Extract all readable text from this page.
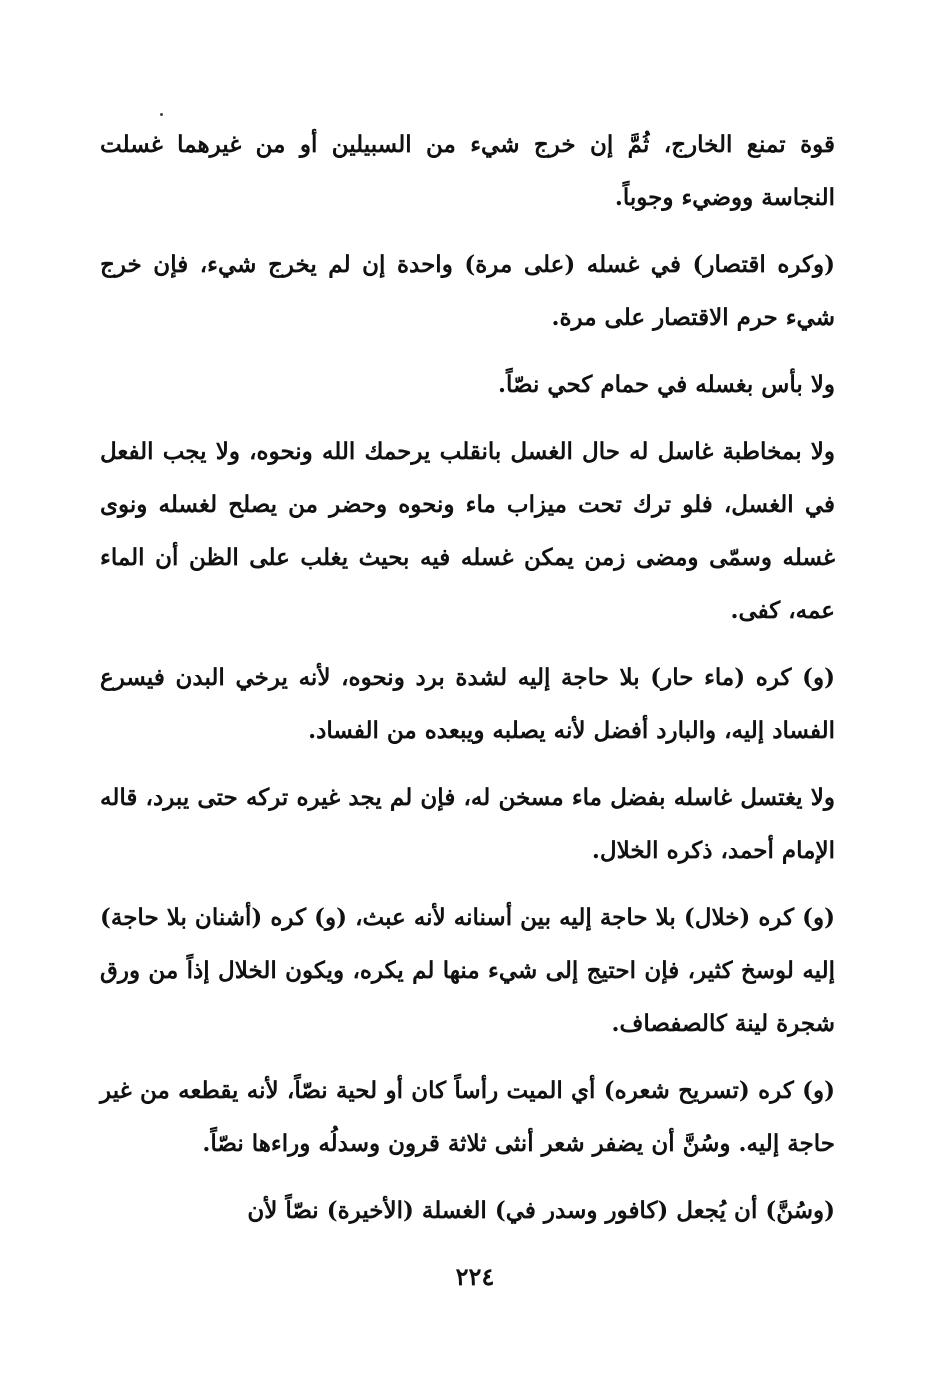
قوة تمنع الخارج، ثُمَّ إن خرج شيء من السبيلين أو من غيرهما غسلت النجاسة ووضيء وجوباً.

(وكره اقتصار) في غسله (على مرة) واحدة إن لم يخرج شيء، فإن خرج شيء حرم الاقتصار على مرة.

ولا بأس بغسله في حمام كحي نصّاً.

ولا بمخاطبة غاسل له حال الغسل بانقلب يرحمك الله ونحوه، ولا يجب الفعل في الغسل، فلو ترك تحت ميزاب ماء ونحوه وحضر من يصلح لغسله ونوى غسله وسمّى ومضى زمن يمكن غسله فيه بحيث يغلب على الظن أن الماء عمه، كفى.

(و) كره (ماء حار) بلا حاجة إليه لشدة برد ونحوه، لأنه يرخي البدن فيسرع الفساد إليه، والبارد أفضل لأنه يصلبه ويبعده من الفساد.

ولا يغتسل غاسله بفضل ماء مسخن له، فإن لم يجد غيره تركه حتى يبرد، قاله الإمام أحمد، ذكره الخلال.

(و) كره (خلال) بلا حاجة إليه بين أسنانه لأنه عبث، (و) كره (أشنان بلا حاجة) إليه لوسخ كثير، فإن احتيج إلى شيء منها لم يكره، ويكون الخلال إذاً من ورق شجرة لينة كالصفصاف.

(و) كره (تسريح شعره) أي الميت رأساً كان أو لحية نصّاً، لأنه يقطعه من غير حاجة إليه. وسُنَّ أن يضفر شعر أنثى ثلاثة قرون وسدلُه وراءها نصّاً.

(وسُنَّ) أن يُجعل (كافور وسدر في) الغسلة (الأخيرة) نصّاً لأن

٢٢٤
